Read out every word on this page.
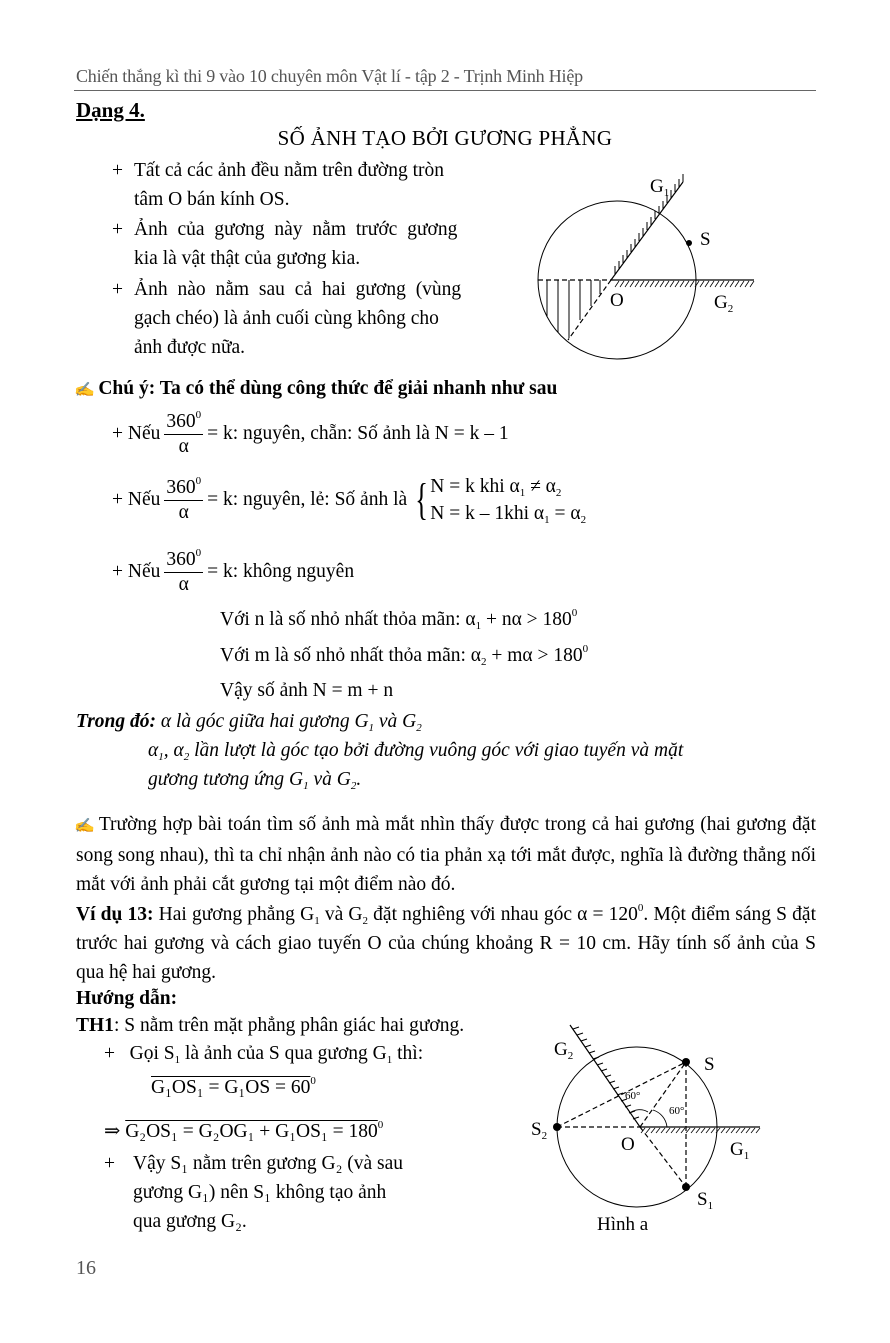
Chiến thắng kì thi 9 vào 10 chuyên môn Vật lí - tập 2 - Trịnh Minh Hiệp
Dạng 4.
SỐ ẢNH TẠO BỞI GƯƠNG PHẲNG
+ Tất cả các ảnh đều nằm trên đường tròn
tâm O bán kính OS.
+ Ảnh của gương này nằm trước gương
kia là vật thật của gương kia.
+ Ảnh nào nằm sau cả hai gương (vùng
gạch chéo) là ảnh cuối cùng không cho
ảnh được nữa.
$G_1$
S
O	$G_2$
✍ Chú ý: Ta có thể dùng công thức để giải nhanh như sau
+ Nếu $\frac{360^0}{\alpha} = k$ : nguyên, chẵn: Số ảnh là N = k – 1
+ Nếu $\frac{360^0}{\alpha} = k$ : nguyên, lẻ: Số ảnh là { N = k khi $\alpha_1 \ne \alpha_2$
N = k – 1khi $\alpha_1 = \alpha_2$
+ Nếu $\frac{360^0}{\alpha} = k$ : không nguyên
Với n là số nhỏ nhất thỏa mãn: $\alpha_1 + n\alpha > 180^0$
Với m là số nhỏ nhất thỏa mãn: $\alpha_2 + m\alpha > 180^0$
Vậy số ảnh N = m + n
Trong đó: α là góc giữa hai gương $G_1$ và $G_2$
$\alpha_1$, $\alpha_2$ lần lượt là góc tạo bởi đường vuông góc với giao tuyến và mặt
gương tương ứng $G_1$ và $G_2$.
✍ Trường hợp bài toán tìm số ảnh mà mắt nhìn thấy được trong cả hai gương (hai gương đặt song song nhau), thì ta chỉ nhận ảnh nào có tia phản xạ tới mắt được, nghĩa là đường thẳng nối mắt với ảnh phải cắt gương tại một điểm nào đó.
Ví dụ 13: Hai gương phẳng $G_1$ và $G_2$ đặt nghiêng với nhau góc $\alpha = 120^0$. Một điểm sáng S đặt trước hai gương và cách giao tuyến O của chúng khoảng R = 10 cm. Hãy tính số ảnh của S qua hệ hai gương.
Hướng dẫn:
TH1: S nằm trên mặt phẳng phân giác hai gương.
+   Gọi $S_1$ là ảnh của S qua gương $G_1$ thì:
$G_1OS_1 = G_1OS = 60^0$
⇒ $G_2OS_1 = G_2OG_1 + G_1OS_1 = 180^0$
+ Vậy S₁ nằm trên gương G₂ (và sau
gương G₁) nên S₁ không tạo ảnh
qua gương G₂.
$G_2$	S
60°
60°
$S_2$	O	$G_1$
$S_1$
Hình a
16
